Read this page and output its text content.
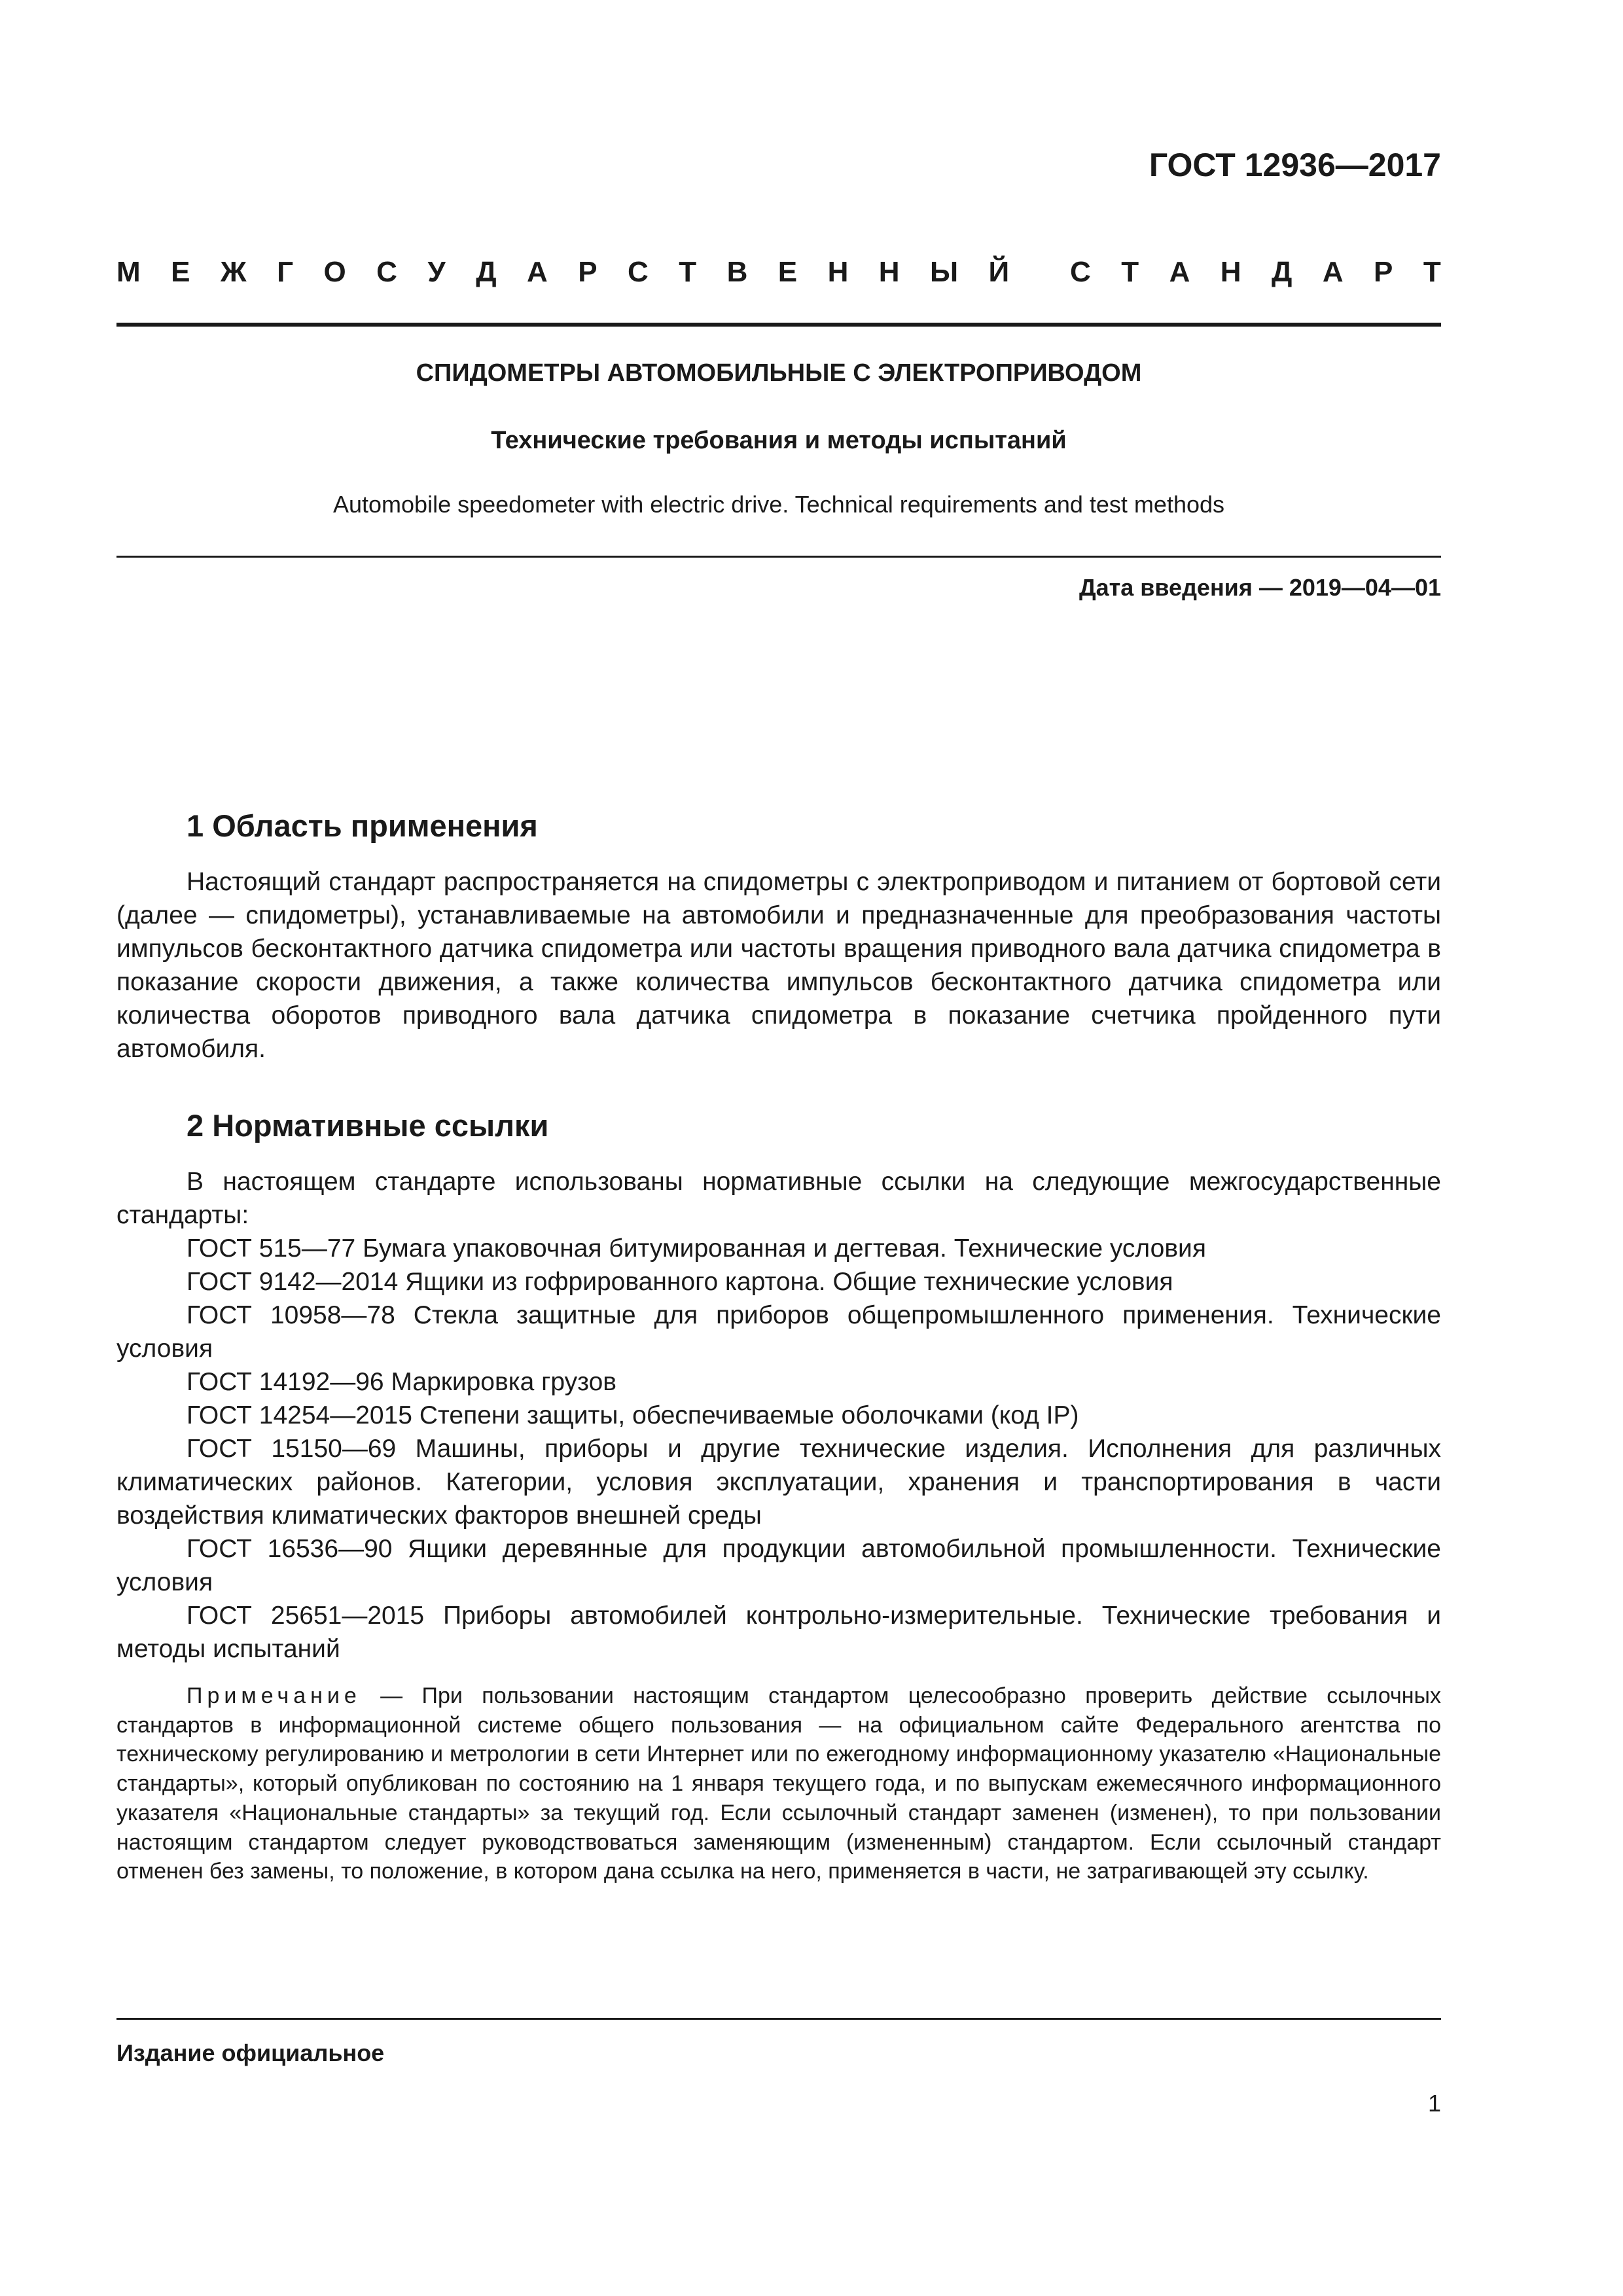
ГОСТ 12936—2017
М Е Ж Г О С У Д А Р С Т В Е Н Н Ы Й С Т А Н Д А Р Т
СПИДОМЕТРЫ АВТОМОБИЛЬНЫЕ С ЭЛЕКТРОПРИВОДОМ
Технические требования и методы испытаний
Automobile speedometer with electric drive. Technical requirements and test methods
Дата введения — 2019—04—01
1 Область применения
Настоящий стандарт распространяется на спидометры с электроприводом и питанием от бортовой сети (далее — спидометры), устанавливаемые на автомобили и предназначенные для преобразования частоты импульсов бесконтактного датчика спидометра или частоты вращения приводного вала датчика спидометра в показание скорости движения, а также количества импульсов бесконтактного датчика спидометра или количества оборотов приводного вала датчика спидометра в показание счетчика пройденного пути автомобиля.
2 Нормативные ссылки
В настоящем стандарте использованы нормативные ссылки на следующие межгосударственные стандарты:
ГОСТ 515—77 Бумага упаковочная битумированная и дегтевая. Технические условия
ГОСТ 9142—2014 Ящики из гофрированного картона. Общие технические условия
ГОСТ 10958—78 Стекла защитные для приборов общепромышленного применения. Технические условия
ГОСТ 14192—96 Маркировка грузов
ГОСТ 14254—2015 Степени защиты, обеспечиваемые оболочками (код IP)
ГОСТ 15150—69 Машины, приборы и другие технические изделия. Исполнения для различных климатических районов. Категории, условия эксплуатации, хранения и транспортирования в части воздействия климатических факторов внешней среды
ГОСТ 16536—90 Ящики деревянные для продукции автомобильной промышленности. Технические условия
ГОСТ 25651—2015 Приборы автомобилей контрольно-измерительные. Технические требования и методы испытаний
Примечание — При пользовании настоящим стандартом целесообразно проверить действие ссылочных стандартов в информационной системе общего пользования — на официальном сайте Федерального агентства по техническому регулированию и метрологии в сети Интернет или по ежегодному информационному указателю «Национальные стандарты», который опубликован по состоянию на 1 января текущего года, и по выпускам ежемесячного информационного указателя «Национальные стандарты» за текущий год. Если ссылочный стандарт заменен (изменен), то при пользовании настоящим стандартом следует руководствоваться заменяющим (измененным) стандартом. Если ссылочный стандарт отменен без замены, то положение, в котором дана ссылка на него, применяется в части, не затрагивающей эту ссылку.
Издание официальное
1
